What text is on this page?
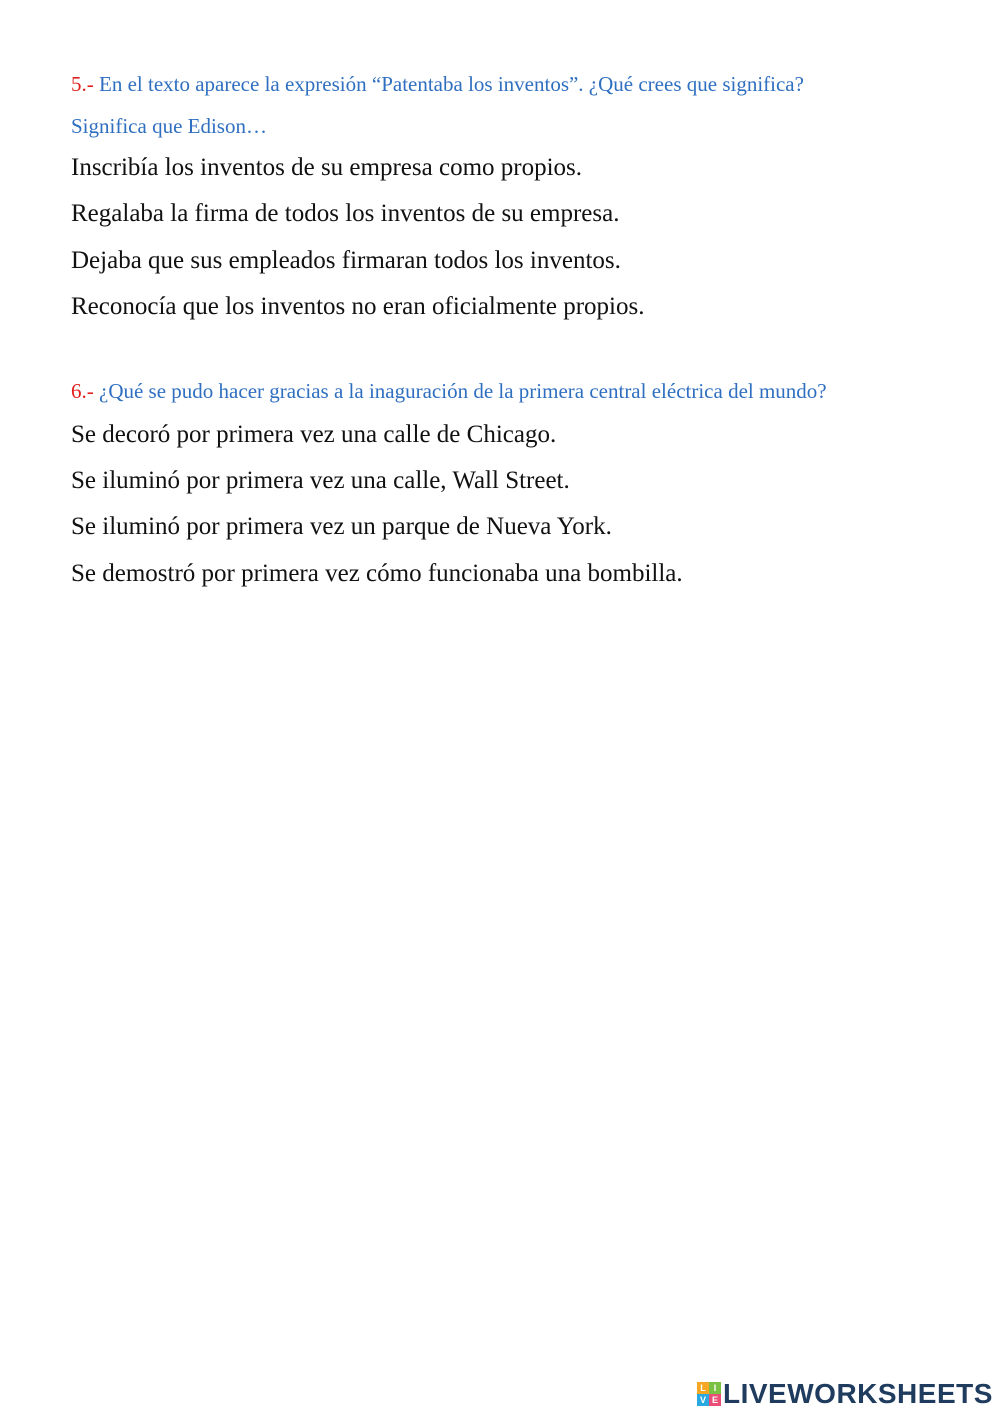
5.- En el texto aparece la expresión “Patentaba los inventos”. ¿Qué crees que significa?
Significa que Edison…
Inscribía los inventos de su empresa como propios.
Regalaba la firma de todos los inventos de su empresa.
Dejaba que sus empleados firmaran todos los inventos.
Reconocía que los inventos no eran oficialmente propios.
6.- ¿Qué se pudo hacer gracias a la inaguración de la primera central eléctrica del mundo?
Se decoró por primera vez una calle de Chicago.
Se iluminó por primera vez una calle, Wall Street.
Se iluminó por primera vez un parque de Nueva York.
Se demostró por primera vez cómo funcionaba una bombilla.
L I
V E LIVEWORKSHEETS
